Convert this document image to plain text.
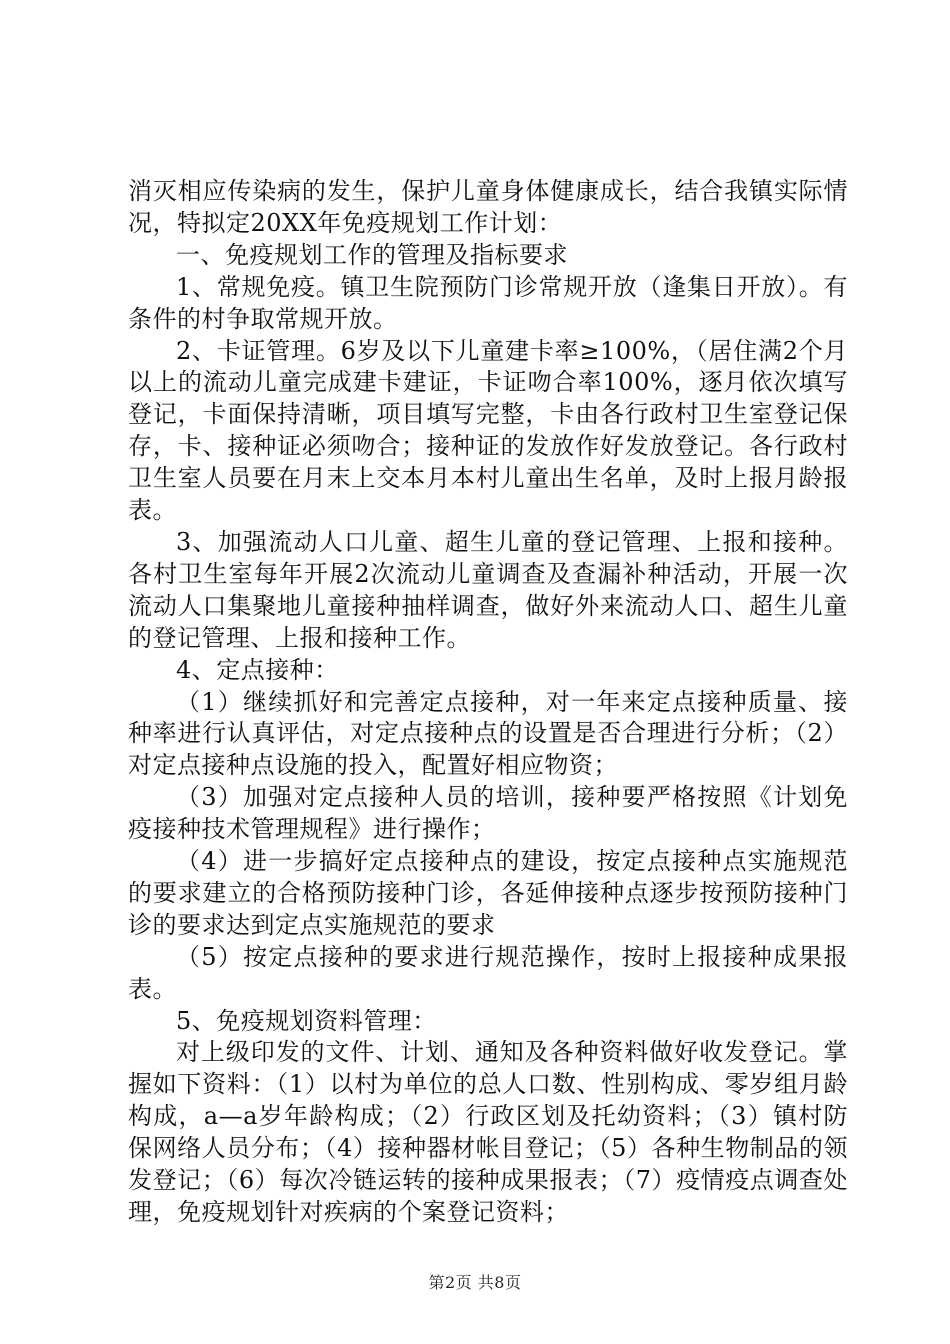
消灭相应传染病的发生，保护儿童身体健康成长，结合我镇实际情况，特拟定20XX年免疫规划工作计划：

一、免疫规划工作的管理及指标要求

1、常规免疫。镇卫生院预防门诊常规开放（逢集日开放）。有条件的村争取常规开放。

2、卡证管理。6岁及以下儿童建卡率≥100%，（居住满2个月以上的流动儿童完成建卡建证，卡证吻合率100%，逐月依次填写登记，卡面保持清晰，项目填写完整，卡由各行政村卫生室登记保存，卡、接种证必须吻合；接种证的发放作好发放登记。各行政村卫生室人员要在月末上交本月本村儿童出生名单，及时上报月龄报表。

3、加强流动人口儿童、超生儿童的登记管理、上报和接种。各村卫生室每年开展2次流动儿童调查及查漏补种活动，开展一次流动人口集聚地儿童接种抽样调查，做好外来流动人口、超生儿童的登记管理、上报和接种工作。

4、定点接种：

（1）继续抓好和完善定点接种，对一年来定点接种质量、接种率进行认真评估，对定点接种点的设置是否合理进行分析；（2）对定点接种点设施的投入，配置好相应物资；

（3）加强对定点接种人员的培训，接种要严格按照《计划免疫接种技术管理规程》进行操作；

（4）进一步搞好定点接种点的建设，按定点接种点实施规范的要求建立的合格预防接种门诊，各延伸接种点逐步按预防接种门诊的要求达到定点实施规范的要求

（5）按定点接种的要求进行规范操作，按时上报接种成果报表。

5、免疫规划资料管理：

对上级印发的文件、计划、通知及各种资料做好收发登记。掌握如下资料：（1）以村为单位的总人口数、性别构成、零岁组月龄构成，a—a岁年龄构成；（2）行政区划及托幼资料；（3）镇村防保网络人员分布；（4）接种器材帐目登记；（5）各种生物制品的领发登记；（6）每次冷链运转的接种成果报表；（7）疫情疫点调查处理，免疫规划针对疾病的个案登记资料；

第2页 共8页
